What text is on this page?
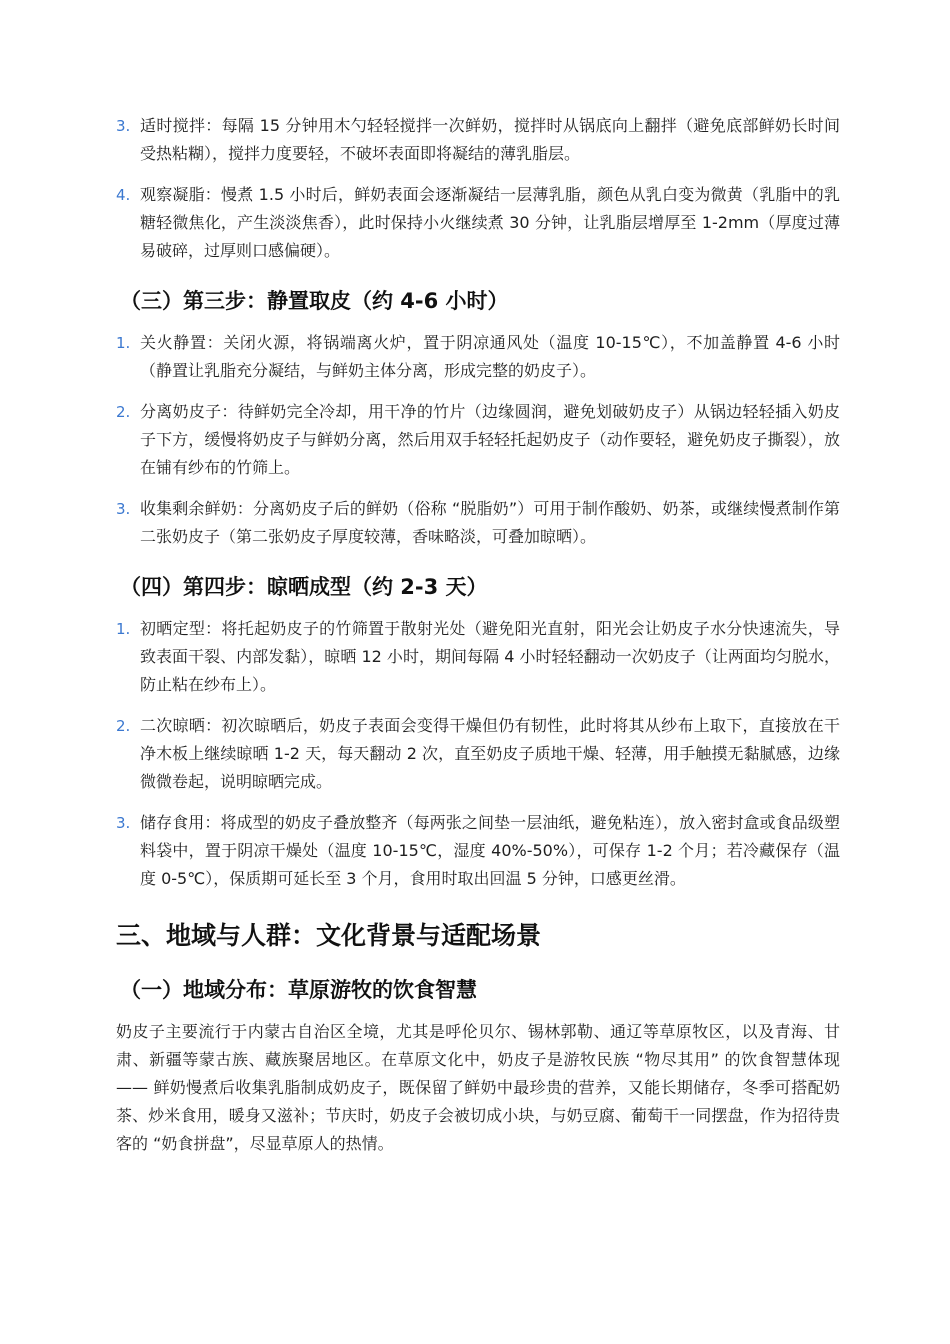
3. 适时搅拌：每隔 15 分钟用木勺轻轻搅拌一次鲜奶，搅拌时从锅底向上翻拌（避免底部鲜奶长时间受热粘糊），搅拌力度要轻，不破坏表面即将凝结的薄乳脂层。
4. 观察凝脂：慢煮 1.5 小时后，鲜奶表面会逐渐凝结一层薄乳脂，颜色从乳白变为微黄（乳脂中的乳糖轻微焦化，产生淡淡焦香），此时保持小火继续煮 30 分钟，让乳脂层增厚至 1-2mm（厚度过薄易破碎，过厚则口感偏硬）。
（三）第三步：静置取皮（约 4-6 小时）
1. 关火静置：关闭火源，将锅端离火炉，置于阴凉通风处（温度 10-15℃），不加盖静置 4-6 小时（静置让乳脂充分凝结，与鲜奶主体分离，形成完整的奶皮子）。
2. 分离奶皮子：待鲜奶完全冷却，用干净的竹片（边缘圆润，避免划破奶皮子）从锅边轻轻插入奶皮子下方，缓慢将奶皮子与鲜奶分离，然后用双手轻轻托起奶皮子（动作要轻，避免奶皮子撕裂），放在铺有纱布的竹筛上。
3. 收集剩余鲜奶：分离奶皮子后的鲜奶（俗称 “脱脂奶”）可用于制作酸奶、奶茶，或继续慢煮制作第二张奶皮子（第二张奶皮子厚度较薄，香味略淡，可叠加晾晒）。
（四）第四步：晾晒成型（约 2-3 天）
1. 初晒定型：将托起奶皮子的竹筛置于散射光处（避免阳光直射，阳光会让奶皮子水分快速流失，导致表面干裂、内部发黏），晾晒 12 小时，期间每隔 4 小时轻轻翻动一次奶皮子（让两面均匀脱水，防止粘在纱布上）。
2. 二次晾晒：初次晾晒后，奶皮子表面会变得干燥但仍有韧性，此时将其从纱布上取下，直接放在干净木板上继续晾晒 1-2 天，每天翻动 2 次，直至奶皮子质地干燥、轻薄，用手触摸无黏腻感，边缘微微卷起，说明晾晒完成。
3. 储存食用：将成型的奶皮子叠放整齐（每两张之间垫一层油纸，避免粘连），放入密封盒或食品级塑料袋中，置于阴凉干燥处（温度 10-15℃，湿度 40%-50%），可保存 1-2 个月；若冷藏保存（温度 0-5℃），保质期可延长至 3 个月，食用时取出回温 5 分钟，口感更丝滑。
三、地域与人群：文化背景与适配场景
（一）地域分布：草原游牧的饮食智慧

奶皮子主要流行于内蒙古自治区全境，尤其是呼伦贝尔、锡林郭勒、通辽等草原牧区，以及青海、甘肃、新疆等蒙古族、藏族聚居地区。在草原文化中，奶皮子是游牧民族 “物尽其用” 的饮食智慧体现 —— 鲜奶慢煮后收集乳脂制成奶皮子，既保留了鲜奶中最珍贵的营养，又能长期储存，冬季可搭配奶茶、炒米食用，暖身又滋补；节庆时，奶皮子会被切成小块，与奶豆腐、葡萄干一同摆盘，作为招待贵客的 “奶食拼盘”，尽显草原人的热情。
